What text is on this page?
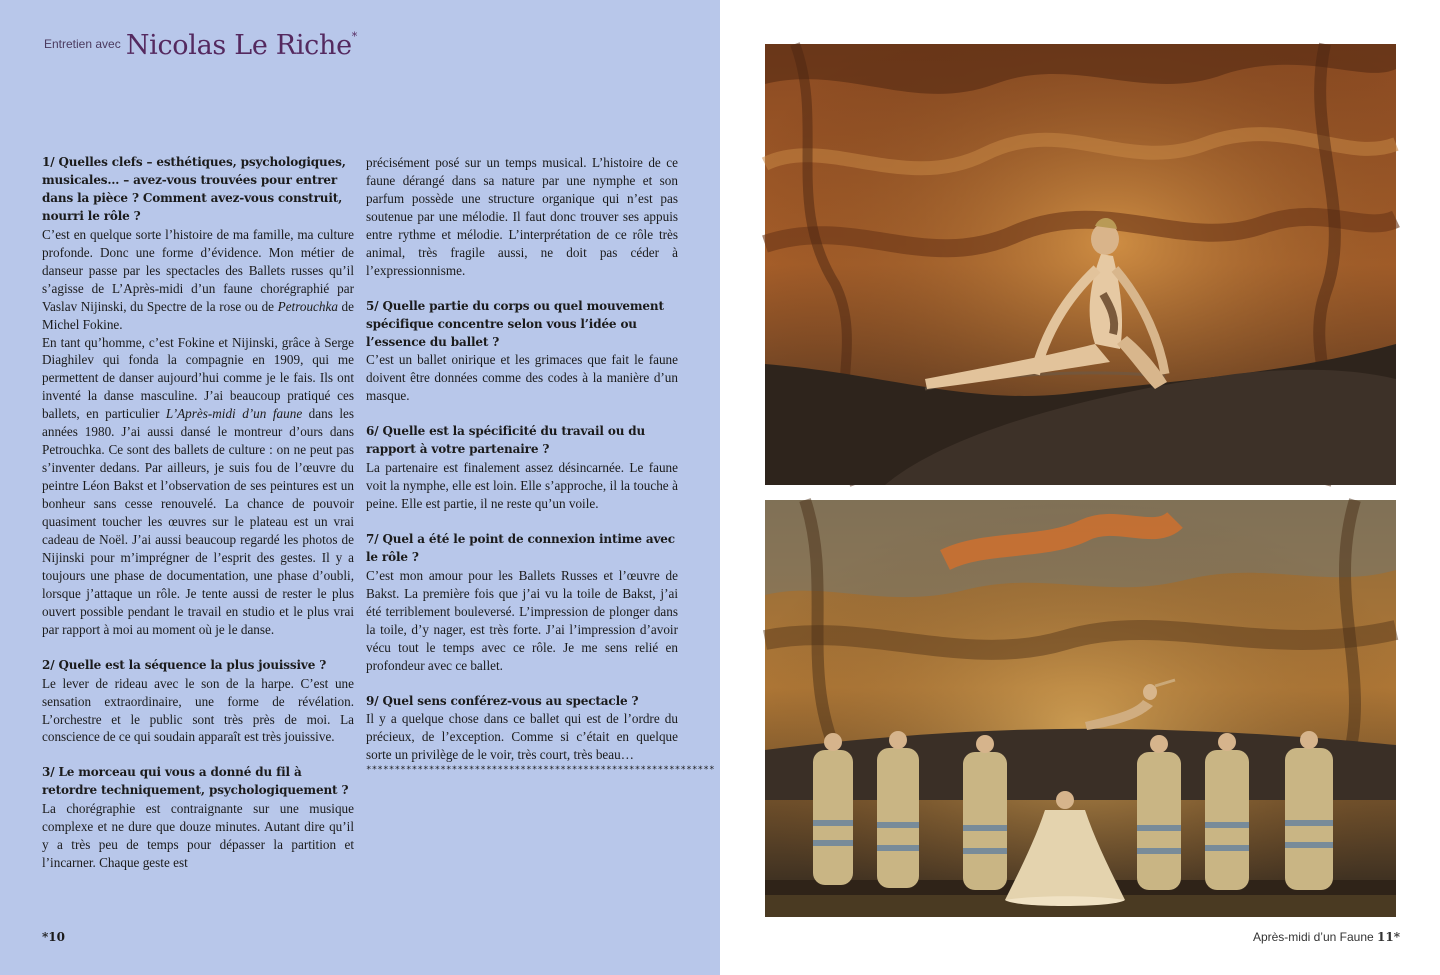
$^{Entretien avec}$ Nicolas Le Riche*

1/ Quelles clefs – esthétiques, psychologiques, musicales… – avez-vous trouvées pour entrer dans la pièce ? Comment avez-vous construit, nourri le rôle ?

C’est en quelque sorte l’histoire de ma famille, ma culture profonde. Donc une forme d’évidence. Mon métier de danseur passe par les spectacles des Ballets russes qu’il s’agisse de L’Après-midi d’un faune chorégraphié par Vaslav Nijinski, du Spectre de la rose ou de Petrouchka de Michel Fokine.

En tant qu’homme, c’est Fokine et Nijinski, grâce à Serge Diaghilev qui fonda la compagnie en 1909, qui me permettent de danser aujourd’hui comme je le fais. Ils ont inventé la danse masculine. J’ai beaucoup pratiqué ces ballets, en particulier L’Après-midi d’un faune dans les années 1980. J’ai aussi dansé le montreur d’ours dans Petrouchka. Ce sont des ballets de culture : on ne peut pas s’inventer dedans. Par ailleurs, je suis fou de l’œuvre du peintre Léon Bakst et l’observation de ses peintures est un bonheur sans cesse renouvelé. La chance de pouvoir quasiment toucher les œuvres sur le plateau est un vrai cadeau de Noël. J’ai aussi beaucoup regardé les photos de Nijinski pour m’imprégner de l’esprit des gestes. Il y a toujours une phase de documentation, une phase d’oubli, lorsque j’attaque un rôle. Je tente aussi de rester le plus ouvert possible pendant le travail en studio et le plus vrai par rapport à moi au moment où je le danse.

2/ Quelle est la séquence la plus jouissive ?

Le lever de rideau avec le son de la harpe. C’est une sensation extraordinaire, une forme de révélation. L’orchestre et le public sont très près de moi. La conscience de ce qui soudain apparaît est très jouissive.

3/ Le morceau qui vous a donné du fil à retordre techniquement, psychologiquement ?

La chorégraphie est contraignante sur une musique complexe et ne dure que douze minutes. Autant dire qu’il y a très peu de temps pour dépasser la partition et l’incarner. Chaque geste est

précisément posé sur un temps musical. L’histoire de ce faune dérangé dans sa nature par une nymphe et son parfum possède une structure organique qui n’est pas soutenue par une mélodie. Il faut donc trouver ses appuis entre rythme et mélodie. L’interprétation de ce rôle très animal, très fragile aussi, ne doit pas céder à l’expressionnisme.

5/ Quelle partie du corps ou quel mouvement spécifique concentre selon vous l’idée ou l’essence du ballet ?

C’est un ballet onirique et les grimaces que fait le faune doivent être données comme des codes à la manière d’un masque.

6/ Quelle est la spécificité du travail ou du rapport à votre partenaire ?

La partenaire est finalement assez désincarnée. Le faune voit la nymphe, elle est loin. Elle s’approche, il la touche à peine. Elle est partie, il ne reste qu’un voile.

7/ Quel a été le point de connexion intime avec le rôle ?

C’est mon amour pour les Ballets Russes et l’œuvre de Bakst. La première fois que j’ai vu la toile de Bakst, j’ai été terriblement bouleversé. L’impression de plonger dans la toile, d’y nager, est très forte. J’ai l’impression d’avoir vécu tout le temps avec ce rôle. Je me sens relié en profondeur avec ce ballet.

9/ Quel sens conférez-vous au spectacle ?

Il y a quelque chose dans ce ballet qui est de l’ordre du précieux, de l’exception. Comme si c’était en quelque sorte un privilège de le voir, très court, très beau…

*************************************************************

*10	Après-midi d’un Faune 11*
